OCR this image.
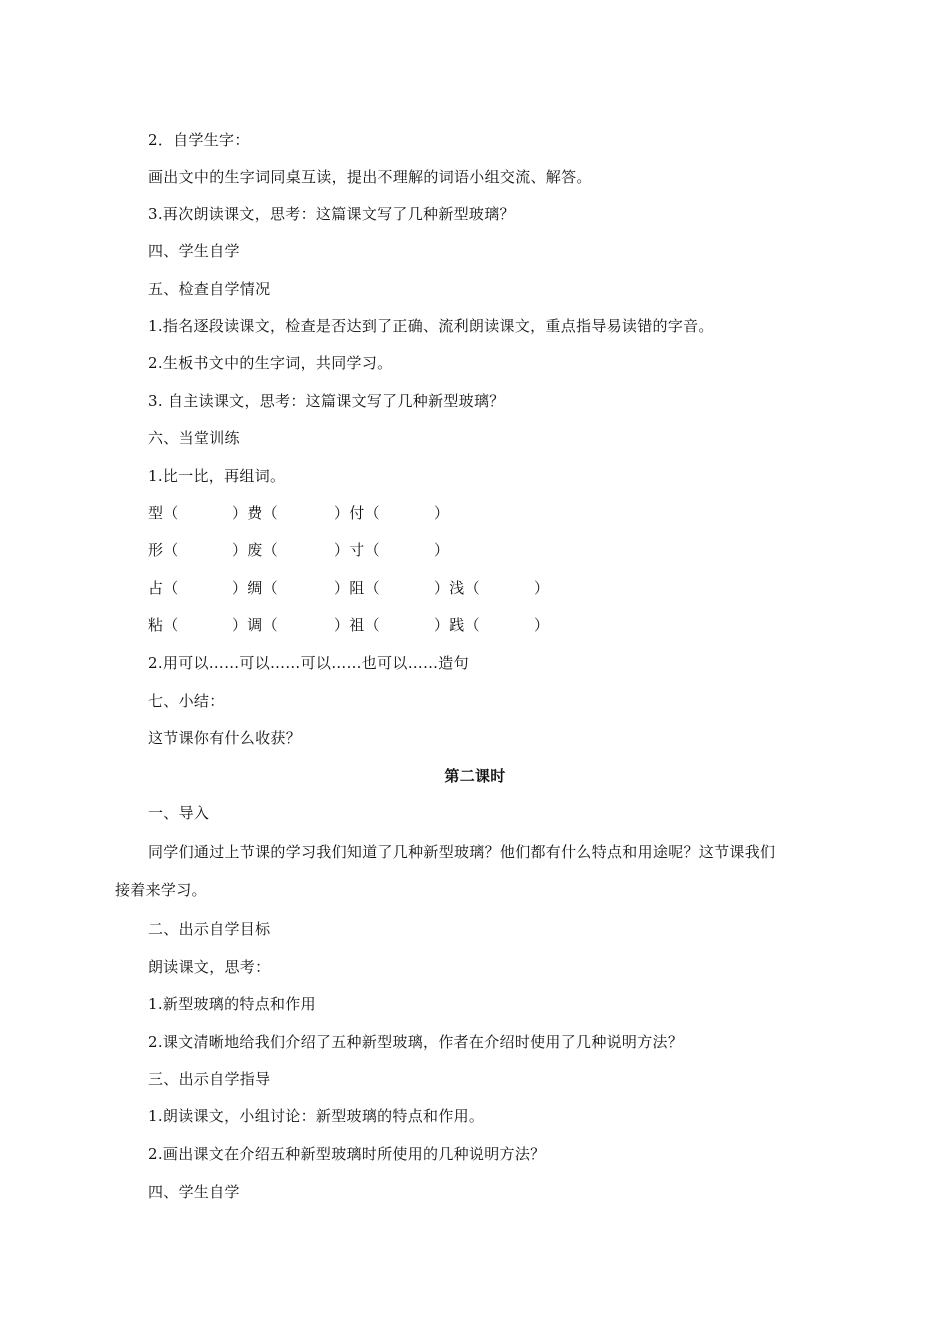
2．自学生字：
画出文中的生字词同桌互读，提出不理解的词语小组交流、解答。
3.再次朗读课文，思考：这篇课文写了几种新型玻璃？
四、学生自学
五、检查自学情况
1.指名逐段读课文，检查是否达到了正确、流利朗读课文，重点指导易读错的字音。
2.生板书文中的生字词，共同学习。
3. 自主读课文，思考：这篇课文写了几种新型玻璃？
六、当堂训练
1.比一比，再组词。
型（	）费（	）付（	）
形（	）废（	）寸（	）
占（	）绸（	）阻（	）浅（	）
粘（	）调（	）祖（	）践（	）
2.用可以……可以……可以……也可以……造句
七、小结：
这节课你有什么收获？
第二课时
一、导入
同学们通过上节课的学习我们知道了几种新型玻璃？他们都有什么特点和用途呢？这节课我们
接着来学习。
二、出示自学目标
朗读课文，思考：
1.新型玻璃的特点和作用
2.课文清晰地给我们介绍了五种新型玻璃，作者在介绍时使用了几种说明方法？
三、出示自学指导
1.朗读课文，小组讨论：新型玻璃的特点和作用。
2.画出课文在介绍五种新型玻璃时所使用的几种说明方法？
四、学生自学
